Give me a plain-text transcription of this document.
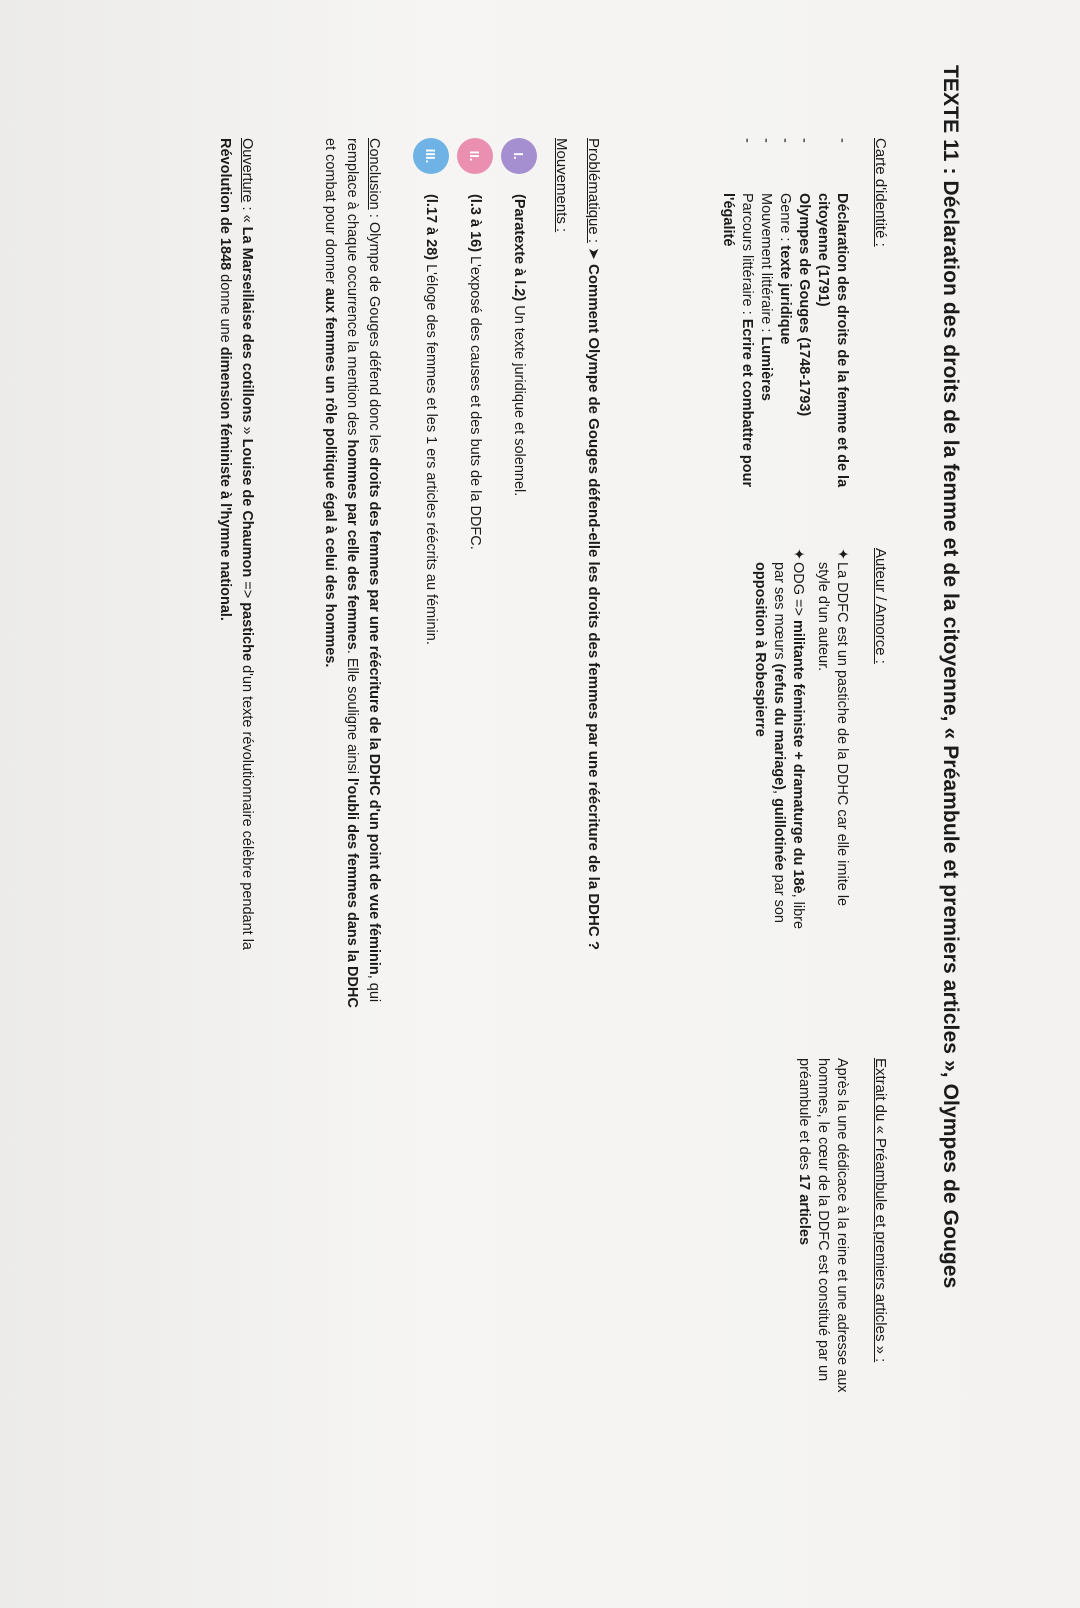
TEXTE 11 : Déclaration des droits de la femme et de la citoyenne, « Préambule et premiers articles », Olympes de Gouges
Carte d'identité :
-
Déclaration des droits de la femme et de la citoyenne (1791)
-
Olympes de Gouges (1748-1793)
-
Genre : texte juridique
-
Mouvement littéraire : Lumières
-
Parcours littéraire : Ecrire et combattre pour l'égalité
Auteur / Amorce :
✦
La DDFC est un pastiche de la DDHC car elle imite le style d'un auteur.
✦
ODG => militante féministe + dramaturge du 18è, libre par ses mœurs (refus du mariage), guillotinée par son opposition à Robespierre
Extrait du « Préambule et premiers articles » :
Après la une dédicace à la reine et une adresse aux hommes, le cœur de la DDFC est constitué par un préambule et des 17 articles
Problématique : ➤ Comment Olympe de Gouges défend-elle les droits des femmes par une réécriture de la DDHC ?
Mouvements :
I.
(Paratexte à l.2)
Un texte juridique et solennel.
II.
(l.3 à 16)
L'exposé des causes et des buts de la DDFC.
III.
(l.17 à 28)
L'éloge des femmes et les 1 ers articles réécrits au féminin.
Conclusion : Olympe de Gouges défend donc les droits des femmes par une réécriture de la DDHC d'un point de vue féminin, qui remplace à chaque occurrence la mention des hommes par celle des femmes. Elle souligne ainsi l'oubli des femmes dans la DDHC et combat pour donner aux femmes un rôle politique égal à celui des hommes.
Ouverture : « La Marseillaise des cotillons » Louise de Chaumon => pastiche d'un texte révolutionnaire célèbre pendant la Révolution de 1848 donne une dimension féministe à l'hymne national.
